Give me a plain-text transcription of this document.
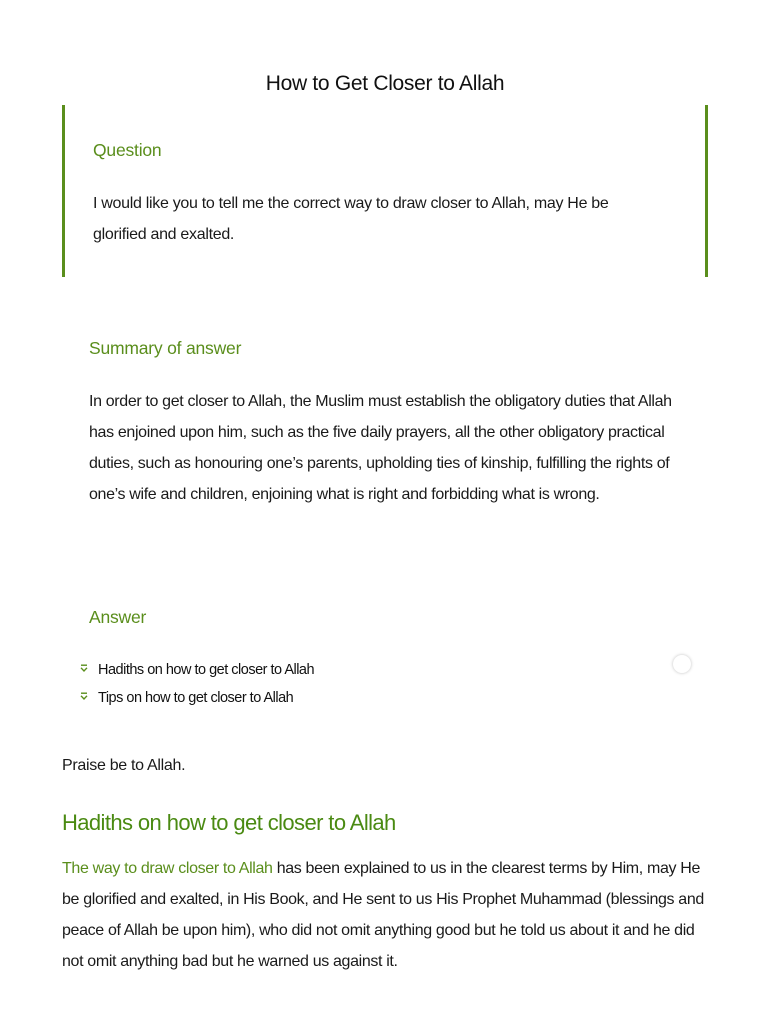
How to Get Closer to Allah
Question
I would like you to tell me the correct way to draw closer to Allah, may He be glorified and exalted.
Summary of answer
In order to get closer to Allah, the Muslim must establish the obligatory duties that Allah has enjoined upon him, such as the five daily prayers, all the other obligatory practical duties, such as honouring one’s parents, upholding ties of kinship, fulfilling the rights of one’s wife and children, enjoining what is right and forbidding what is wrong.
Answer
Hadiths on how to get closer to Allah
Tips on how to get closer to Allah
Praise be to Allah.
Hadiths on how to get closer to Allah
The way to draw closer to Allah has been explained to us in the clearest terms by Him, may He be glorified and exalted, in His Book, and He sent to us His Prophet Muhammad (blessings and peace of Allah be upon him), who did not omit anything good but he told us about it and he did not omit anything bad but he warned us against it.
